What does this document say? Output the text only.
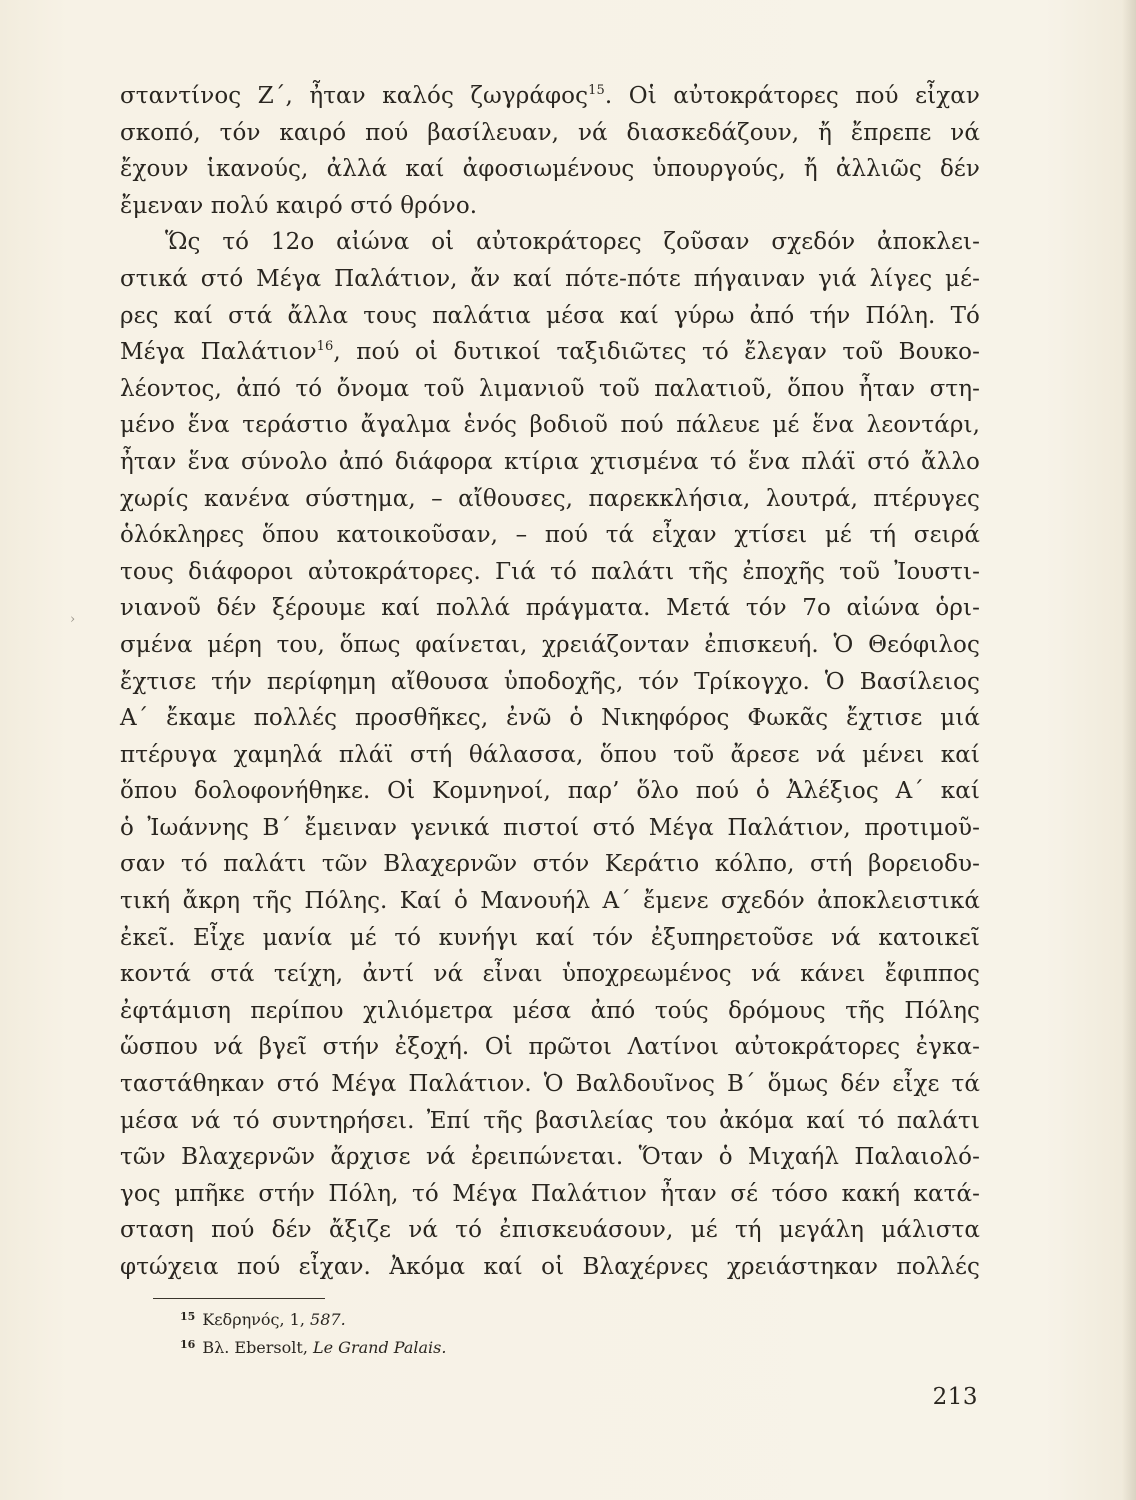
›
σταντίνος Ζ΄, ἦταν καλός ζωγράφος$^{15}$. Οἱ αὐτοκράτορες πού εἶχαν
σκοπό, τόν καιρό πού βασίλευαν, νά διασκεδάζουν, ἤ ἔπρεπε νά
ἔχουν ἱκανούς, ἀλλά καί ἀφοσιωμένους ὑπουργούς, ἤ ἀλλιῶς δέν
ἔμεναν πολύ καιρό στό θρόνο.
Ὥς τό 12ο αἰώνα οἱ αὐτοκράτορες ζοῦσαν σχεδόν ἀποκλει-
στικά στό Μέγα Παλάτιον, ἄν καί πότε-πότε πήγαιναν γιά λίγες μέ-
ρες καί στά ἄλλα τους παλάτια μέσα καί γύρω ἀπό τήν Πόλη. Τό
Μέγα Παλάτιον$^{16}$, πού οἱ δυτικοί ταξιδιῶτες τό ἔλεγαν τοῦ Βουκο-
λέοντος, ἀπό τό ὄνομα τοῦ λιμανιοῦ τοῦ παλατιοῦ, ὅπου ἦταν στη-
μένο ἕνα τεράστιο ἄγαλμα ἑνός βοδιοῦ πού πάλευε μέ ἕνα λεοντάρι,
ἦταν ἕνα σύνολο ἀπό διάφορα κτίρια χτισμένα τό ἕνα πλάϊ στό ἄλλο
χωρίς κανένα σύστημα, – αἴθουσες, παρεκκλήσια, λουτρά, πτέρυγες
ὁλόκληρες ὅπου κατοικοῦσαν, – πού τά εἶχαν χτίσει μέ τή σειρά
τους διάφοροι αὐτοκράτορες. Γιά τό παλάτι τῆς ἐποχῆς τοῦ Ἰουστι-
νιανοῦ δέν ξέρουμε καί πολλά πράγματα. Μετά τόν 7ο αἰώνα ὁρι-
σμένα μέρη του, ὅπως φαίνεται, χρειάζονταν ἐπισκευή. Ὁ Θεόφιλος
ἔχτισε τήν περίφημη αἴθουσα ὑποδοχῆς, τόν Τρίκογχο. Ὁ Βασίλειος
Α΄ ἔκαμε πολλές προσθῆκες, ἐνῶ ὁ Νικηφόρος Φωκᾶς ἔχτισε μιά
πτέρυγα χαμηλά πλάϊ στή θάλασσα, ὅπου τοῦ ἄρεσε νά μένει καί
ὅπου δολοφονήθηκε. Οἱ Κομνηνοί, παρ’ ὅλο πού ὁ Ἀλέξιος Α΄ καί
ὁ Ἰωάννης Β΄ ἔμειναν γενικά πιστοί στό Μέγα Παλάτιον, προτιμοῦ-
σαν τό παλάτι τῶν Βλαχερνῶν στόν Κεράτιο κόλπο, στή βορειοδυ-
τική ἄκρη τῆς Πόλης. Καί ὁ Μανουήλ Α΄ ἔμενε σχεδόν ἀποκλειστικά
ἐκεῖ. Εἶχε μανία μέ τό κυνήγι καί τόν ἐξυπηρετοῦσε νά κατοικεῖ
κοντά στά τείχη, ἀντί νά εἶναι ὑποχρεωμένος νά κάνει ἔφιππος
ἐφτάμιση περίπου χιλιόμετρα μέσα ἀπό τούς δρόμους τῆς Πόλης
ὥσπου νά βγεῖ στήν ἐξοχή. Οἱ πρῶτοι Λατίνοι αὐτοκράτορες ἐγκα-
ταστάθηκαν στό Μέγα Παλάτιον. Ὁ Βαλδουῖνος Β΄ ὅμως δέν εἶχε τά
μέσα νά τό συντηρήσει. Ἐπί τῆς βασιλείας του ἀκόμα καί τό παλάτι
τῶν Βλαχερνῶν ἄρχισε νά ἐρειπώνεται. Ὅταν ὁ Μιχαήλ Παλαιολό-
γος μπῆκε στήν Πόλη, τό Μέγα Παλάτιον ἦταν σέ τόσο κακή κατά-
σταση πού δέν ἄξιζε νά τό ἐπισκευάσουν, μέ τή μεγάλη μάλιστα
φτώχεια πού εἶχαν. Ἀκόμα καί οἱ Βλαχέρνες χρειάστηκαν πολλές
$^{15}$ Κεδρηνός, 1, 587.
$^{16}$ Βλ. Ebersolt, Le Grand Palais.
213
